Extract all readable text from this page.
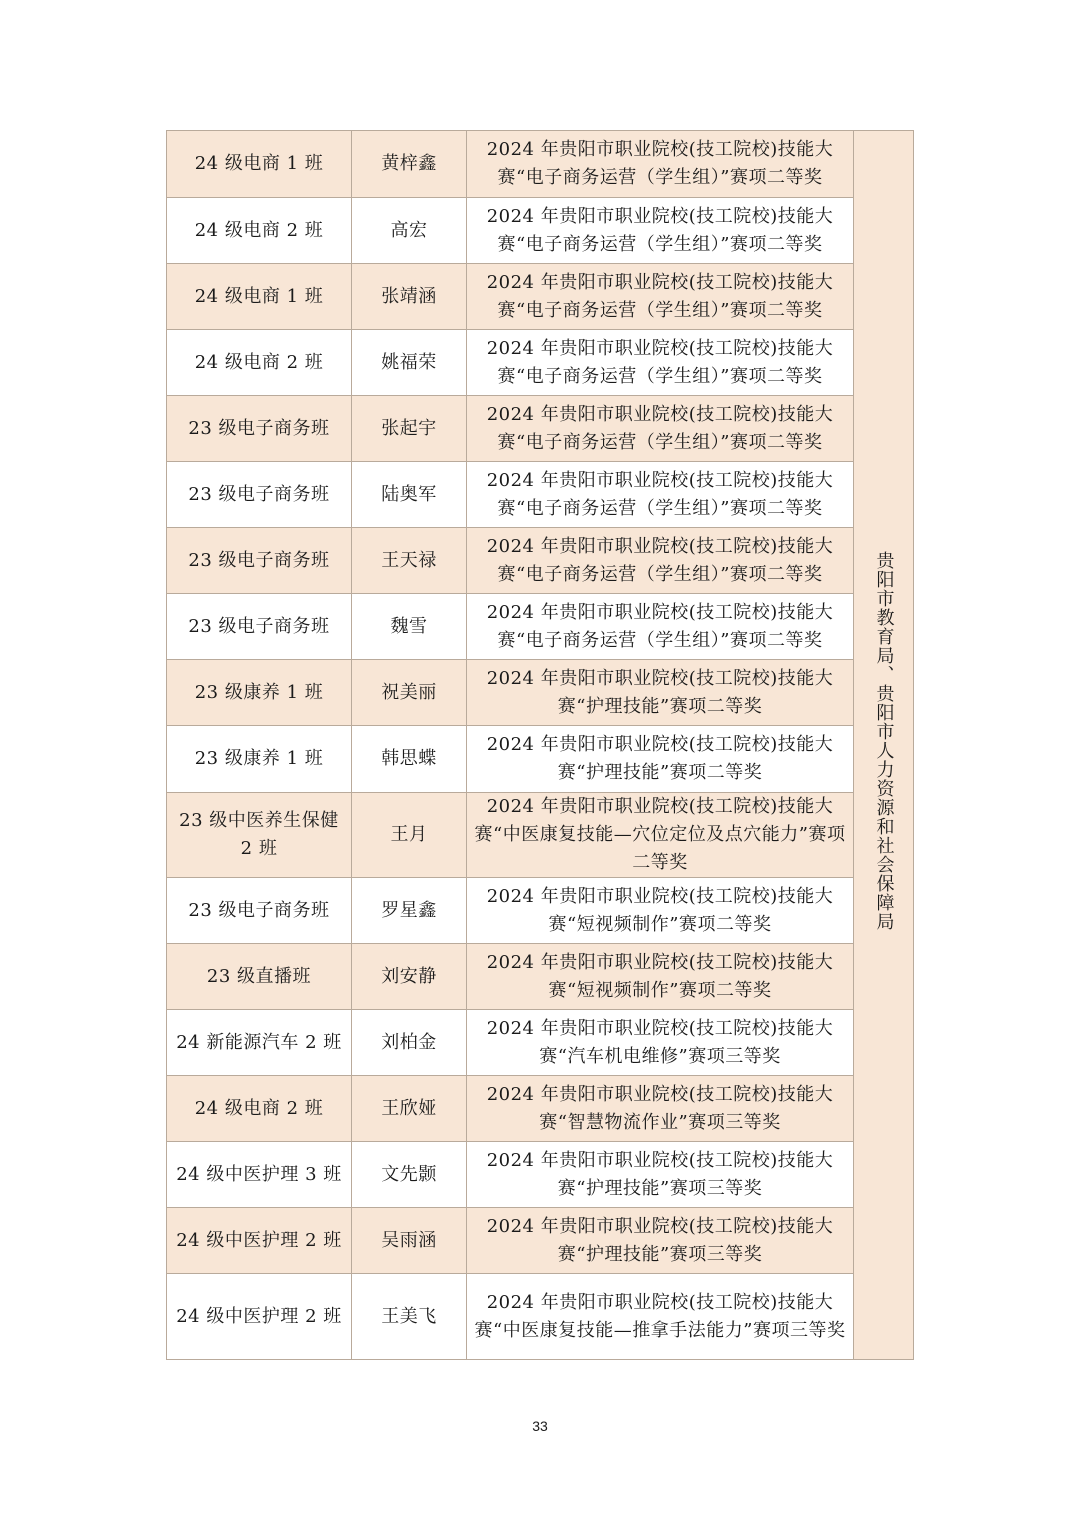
24 级电商 1 班	黄梓鑫	2024 年贵阳市职业院校(技工院校)技能大赛“电子商务运营（学生组）”赛项二等奖	贵阳市教育局、贵阳市人力资源和社会保障局
24 级电商 2 班	高宏	2024 年贵阳市职业院校(技工院校)技能大赛“电子商务运营（学生组）”赛项二等奖	
24 级电商 1 班	张靖涵	2024 年贵阳市职业院校(技工院校)技能大赛“电子商务运营（学生组）”赛项二等奖	
24 级电商 2 班	姚福荣	2024 年贵阳市职业院校(技工院校)技能大赛“电子商务运营（学生组）”赛项二等奖	
23 级电子商务班	张起宇	2024 年贵阳市职业院校(技工院校)技能大赛“电子商务运营（学生组）”赛项二等奖	
23 级电子商务班	陆奥军	2024 年贵阳市职业院校(技工院校)技能大赛“电子商务运营（学生组）”赛项二等奖	
23 级电子商务班	王天禄	2024 年贵阳市职业院校(技工院校)技能大赛“电子商务运营（学生组）”赛项二等奖	
23 级电子商务班	魏雪	2024 年贵阳市职业院校(技工院校)技能大赛“电子商务运营（学生组）”赛项二等奖	
23 级康养 1 班	祝美丽	2024 年贵阳市职业院校(技工院校)技能大赛“护理技能”赛项二等奖	
23 级康养 1 班	韩思蝶	2024 年贵阳市职业院校(技工院校)技能大赛“护理技能”赛项二等奖	
23 级中医养生保健 2 班	王月	2024 年贵阳市职业院校(技工院校)技能大赛“中医康复技能—穴位定位及点穴能力”赛项二等奖	
23 级电子商务班	罗星鑫	2024 年贵阳市职业院校(技工院校)技能大赛“短视频制作”赛项二等奖	
23 级直播班	刘安静	2024 年贵阳市职业院校(技工院校)技能大赛“短视频制作”赛项二等奖	
24 新能源汽车 2 班	刘柏金	2024 年贵阳市职业院校(技工院校)技能大赛“汽车机电维修”赛项三等奖	
24 级电商 2 班	王欣娅	2024 年贵阳市职业院校(技工院校)技能大赛“智慧物流作业”赛项三等奖	
24 级中医护理 3 班	文先颢	2024 年贵阳市职业院校(技工院校)技能大赛“护理技能”赛项三等奖	
24 级中医护理 2 班	吴雨涵	2024 年贵阳市职业院校(技工院校)技能大赛“护理技能”赛项三等奖	
24 级中医护理 2 班	王美飞	2024 年贵阳市职业院校(技工院校)技能大赛“中医康复技能—推拿手法能力”赛项三等奖	
33
